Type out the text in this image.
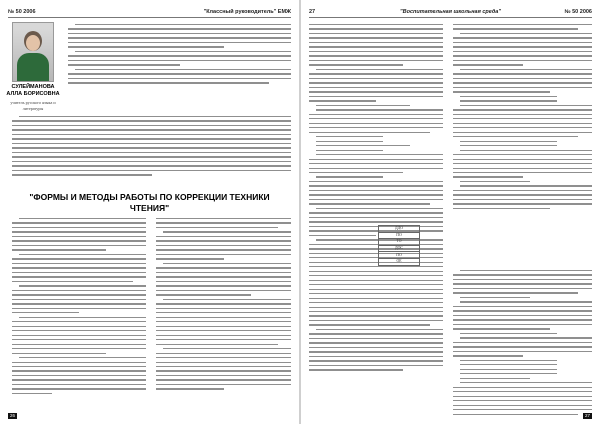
№ 50 2006	"Классный руководитель" ЕМЖ
СУЛЕЙМАНОВА
АЛЛА БОРИСОВНА
учитель русского языка и литературы
"ФОРМЫ И МЕТОДЫ РАБОТЫ ПО КОРРЕКЦИИ ТЕХНИКИ ЧТЕНИЯ"
26
27	"Воспитательная школьная среда"	№ 50 2006
ДДО
ПО
ТО
ДОС
ПО
ОЕ
27
